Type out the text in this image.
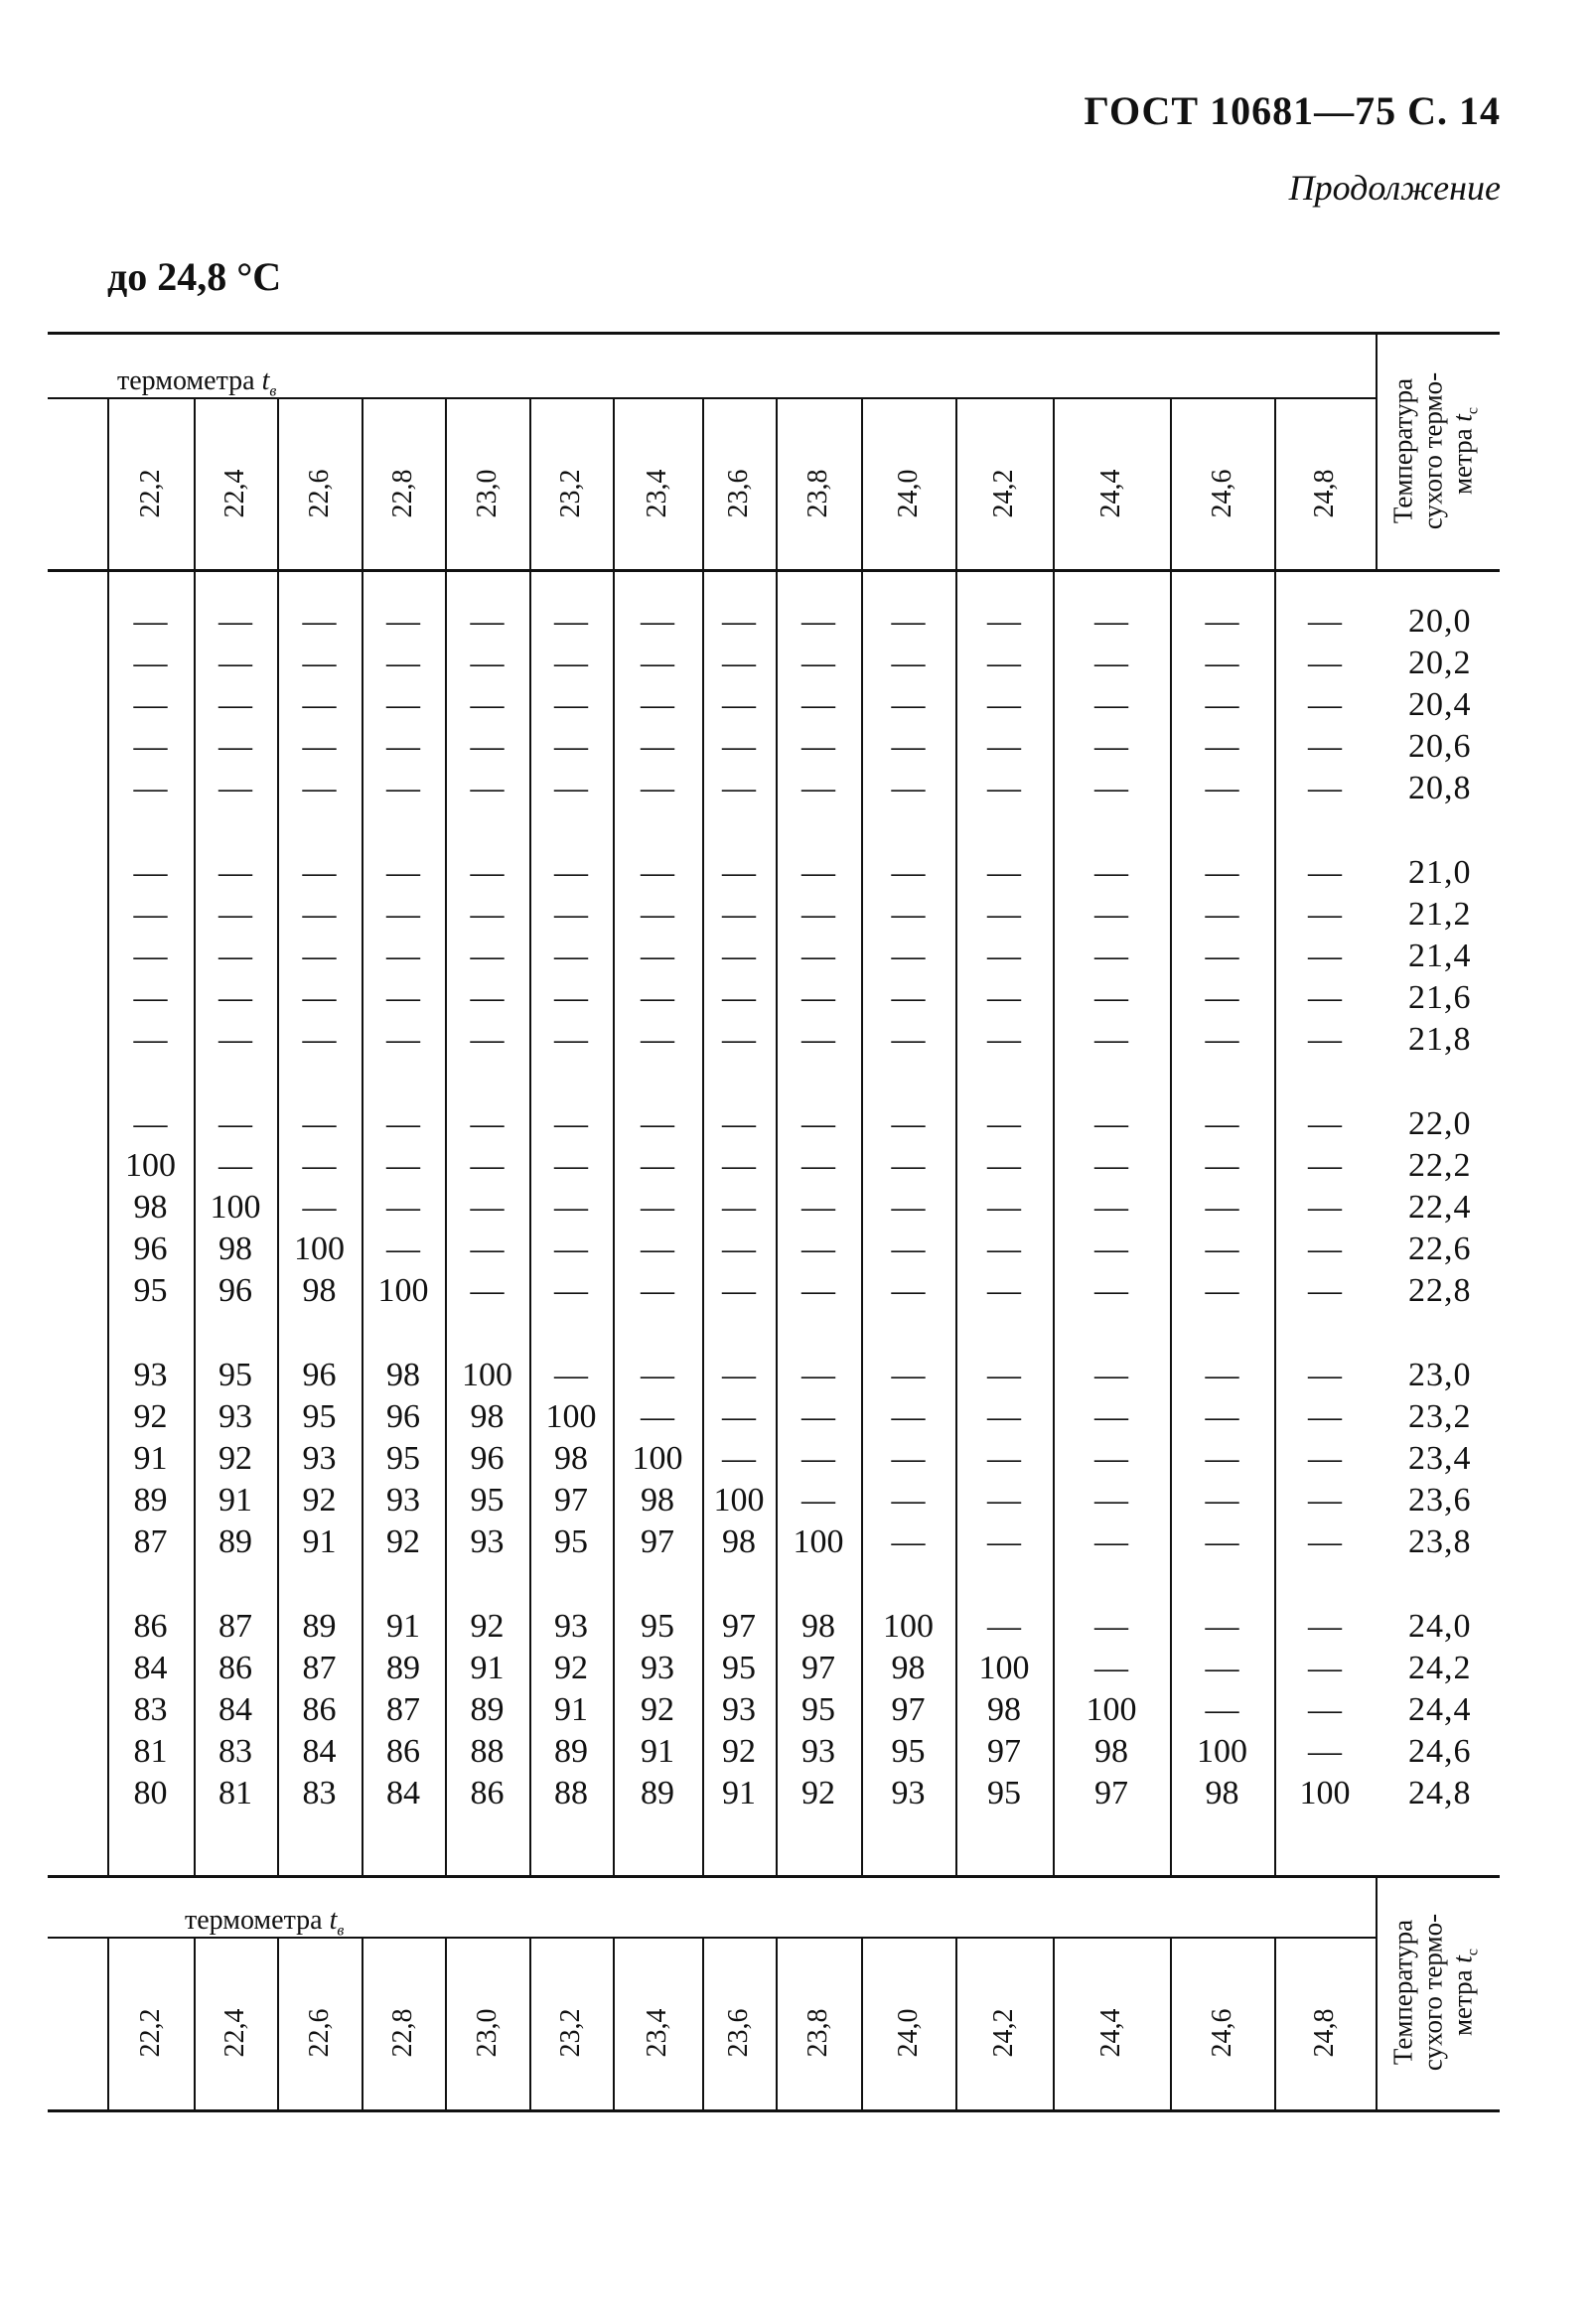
ГОСТ 10681—75 С. 14
Продолжение
до 24,8 °C
термометра $t_в$
22,2 22,4 22,6 22,8 23,0 23,2 23,4 23,6 23,8 24,0 24,2	24,4	24,6	24,8 Температура сухого термо- метра $t_c$
термометра $t_в$
22,2 22,4 22,6 22,8 23,0 23,2 23,4 23,6 23,8 24,0 24,2	24,4	24,6	24,8 Температура сухого термо- метра $t_c$
— — — — — — — — — — — — — — 20,0
— — — — — — — — — — — — — — 20,2
— — — — — — — — — — — — — — 20,4
— — — — — — — — — — — — — — 20,6
— — — — — — — — — — — — — — 20,8
— — — — — — — — — — — — — — 21,0
— — — — — — — — — — — — — — 21,2
— — — — — — — — — — — — — — 21,4
— — — — — — — — — — — — — — 21,6
— — — — — — — — — — — — — — 21,8
— — — — — — — — — — — — — — 22,0
100 — — — — — — — — — — — — — 22,2
98 100 — — — — — — — — — — — — 22,4
96 98 100 — — — — — — — — — — — 22,6
95 96 98 100 — — — — — — — — — — 22,8
93 95 96 98 100 — — — — — — — — — 23,0
92 93 95 96 98 100 — — — — — — — — 23,2
91 92 93 95 96 98 100 — — — — — — — 23,4
89 91 92 93 95 97 98 100 — — — — — — 23,6
87 89 91 92 93 95 97 98 100 — — — — — 23,8
86 87 89 91 92 93 95 97 98 100 — — — — 24,0
84 86 87 89 91 92 93 95 97 98 100 — — — 24,2
83 84 86 87 89 91 92 93 95 97 98 100 — — 24,4
81 83 84 86 88 89 91 92 93 95 97 98 100 — 24,6
80 81 83 84 86 88 89 91 92 93 95 97 98 100 24,8
